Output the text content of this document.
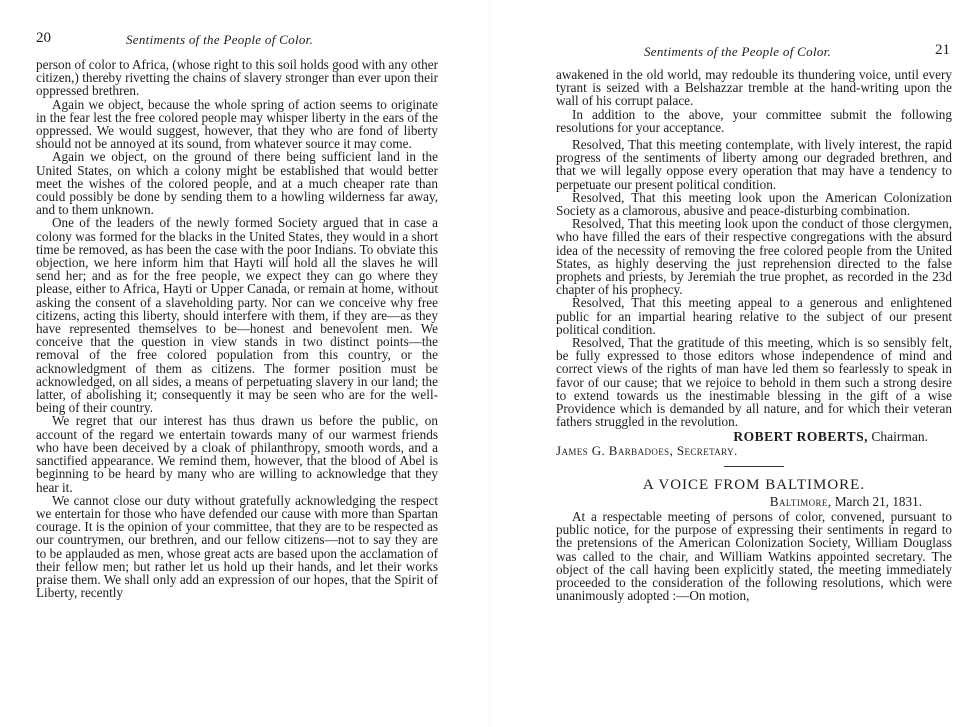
20	Sentiments of the People of Color.

person of color to Africa, (whose right to this soil holds good with any other citizen,) thereby rivetting the chains of slavery stronger than ever upon their oppressed brethren.

Again we object, because the whole spring of action seems to originate in the fear lest the free colored people may whisper liberty in the ears of the oppressed. We would suggest, however, that they who are fond of liberty should not be annoyed at its sound, from whatever source it may come.

Again we object, on the ground of there being sufficient land in the United States, on which a colony might be established that would better meet the wishes of the colored people, and at a much cheaper rate than could possibly be done by sending them to a howling wilderness far away, and to them unknown.

One of the leaders of the newly formed Society argued that in case a colony was formed for the blacks in the United States, they would in a short time be removed, as has been the case with the poor Indians. To obviate this objection, we here inform him that Hayti will hold all the slaves he will send her; and as for the free people, we expect they can go where they please, either to Africa, Hayti or Upper Canada, or remain at home, without asking the consent of a slaveholding party. Nor can we conceive why free citizens, acting this liberty, should interfere with them, if they are—as they have represented themselves to be—honest and benevolent men. We conceive that the question in view stands in two distinct points—the removal of the free colored population from this country, or the acknowledgment of them as citizens. The former position must be acknowledged, on all sides, a means of perpetuating slavery in our land; the latter, of abolishing it; consequently it may be seen who are for the well-being of their country.

We regret that our interest has thus drawn us before the public, on account of the regard we entertain towards many of our warmest friends who have been deceived by a cloak of philanthropy, smooth words, and a sanctified appearance. We remind them, however, that the blood of Abel is beginning to be heard by many who are willing to acknowledge that they hear it.

We cannot close our duty without gratefully acknowledging the respect we entertain for those who have defended our cause with more than Spartan courage. It is the opinion of your committee, that they are to be respected as our countrymen, our brethren, and our fellow citizens—not to say they are to be applauded as men, whose great acts are based upon the acclamation of their fellow men; but rather let us hold up their hands, and let their works praise them. We shall only add an expression of our hopes, that the Spirit of Liberty, recently

Sentiments of the People of Color.	21

awakened in the old world, may redouble its thundering voice, until every tyrant is seized with a Belshazzar tremble at the hand-writing upon the wall of his corrupt palace.

In addition to the above, your committee submit the following resolutions for your acceptance.

Resolved, That this meeting contemplate, with lively interest, the rapid progress of the sentiments of liberty among our degraded brethren, and that we will legally oppose every operation that may have a tendency to perpetuate our present political condition.

Resolved, That this meeting look upon the American Colonization Society as a clamorous, abusive and peace-disturbing combination.

Resolved, That this meeting look upon the conduct of those clergymen, who have filled the ears of their respective congregations with the absurd idea of the necessity of removing the free colored people from the United States, as highly deserving the just reprehension directed to the false prophets and priests, by Jeremiah the true prophet, as recorded in the 23d chapter of his prophecy.

Resolved, That this meeting appeal to a generous and enlightened public for an impartial hearing relative to the subject of our present political condition.

Resolved, That the gratitude of this meeting, which is so sensibly felt, be fully expressed to those editors whose independence of mind and correct views of the rights of man have led them so fearlessly to speak in favor of our cause; that we rejoice to behold in them such a strong desire to extend towards us the inestimable blessing in the gift of a wise Providence which is demanded by all nature, and for which their veteran fathers struggled in the revolution.

ROBERT ROBERTS, Chairman.
James G. Barbadoes, Secretary.
A VOICE FROM BALTIMORE.
Baltimore, March 21, 1831.

At a respectable meeting of persons of color, convened, pursuant to public notice, for the purpose of expressing their sentiments in regard to the pretensions of the American Colonization Society, William Douglass was called to the chair, and William Watkins appointed secretary. The object of the call having been explicitly stated, the meeting immediately proceeded to the consideration of the following resolutions, which were unanimously adopted :—On motion,
